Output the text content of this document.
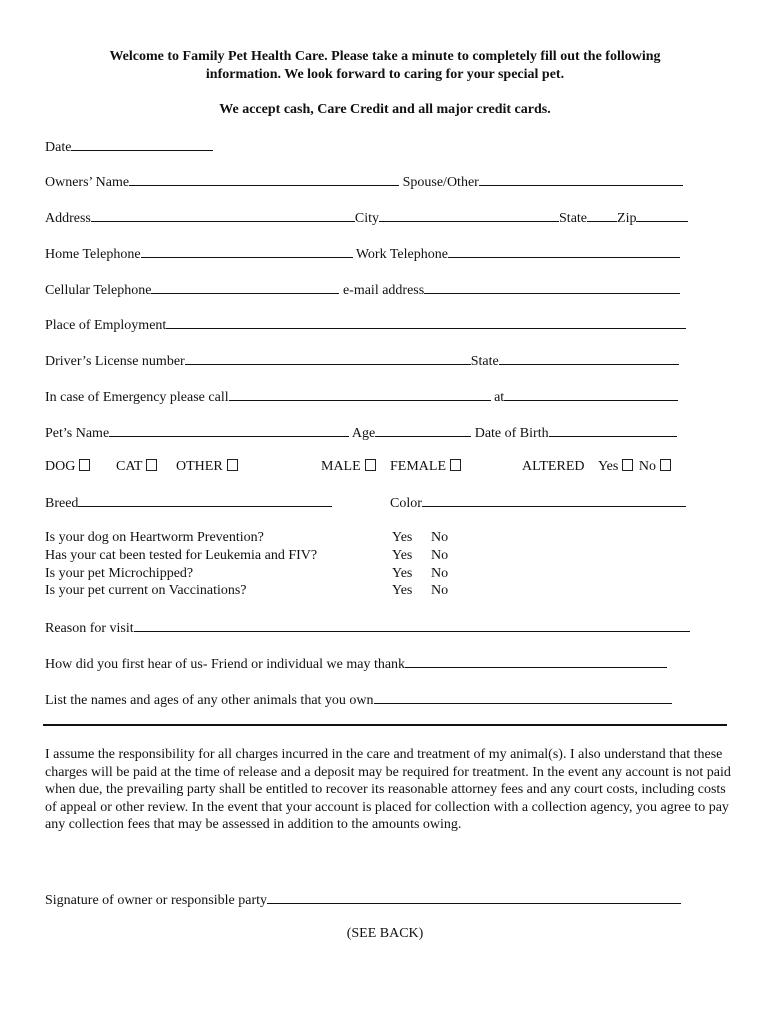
Welcome to Family Pet Health Care. Please take a minute to completely fill out the following
information. We look forward to caring for your special pet.
We accept cash, Care Credit and all major credit cards.
Date
Owners’ Name	Spouse/Other
Address	City	State Zip
Home Telephone	Work Telephone
Cellular Telephone	e-mail address
Place of Employment
Driver’s License number	State
In case of Emergency please call	at
Pet’s Name	Age	Date of Birth
DOG	CAT	OTHER	MALE	FEMALE	ALTERED Yes No
Breed	Color
Is your dog on Heartworm Prevention?	Yes No
Has your cat been tested for Leukemia and FIV?	Yes No
Is your pet Microchipped?	Yes No
Is your pet current on Vaccinations?	Yes No
Reason for visit
How did you first hear of us- Friend or individual we may thank
List the names and ages of any other animals that you own
I assume the responsibility for all charges incurred in the care and treatment of my animal(s). I also understand that these charges will be paid at the time of release and a deposit may be required for treatment. In the event any account is not paid when due, the prevailing party shall be entitled to recover its reasonable attorney fees and any court costs, including costs of appeal or other review. In the event that your account is placed for collection with a collection agency, you agree to pay any collection fees that may be assessed in addition to the amounts owing.
Signature of owner or responsible party
(SEE BACK)
